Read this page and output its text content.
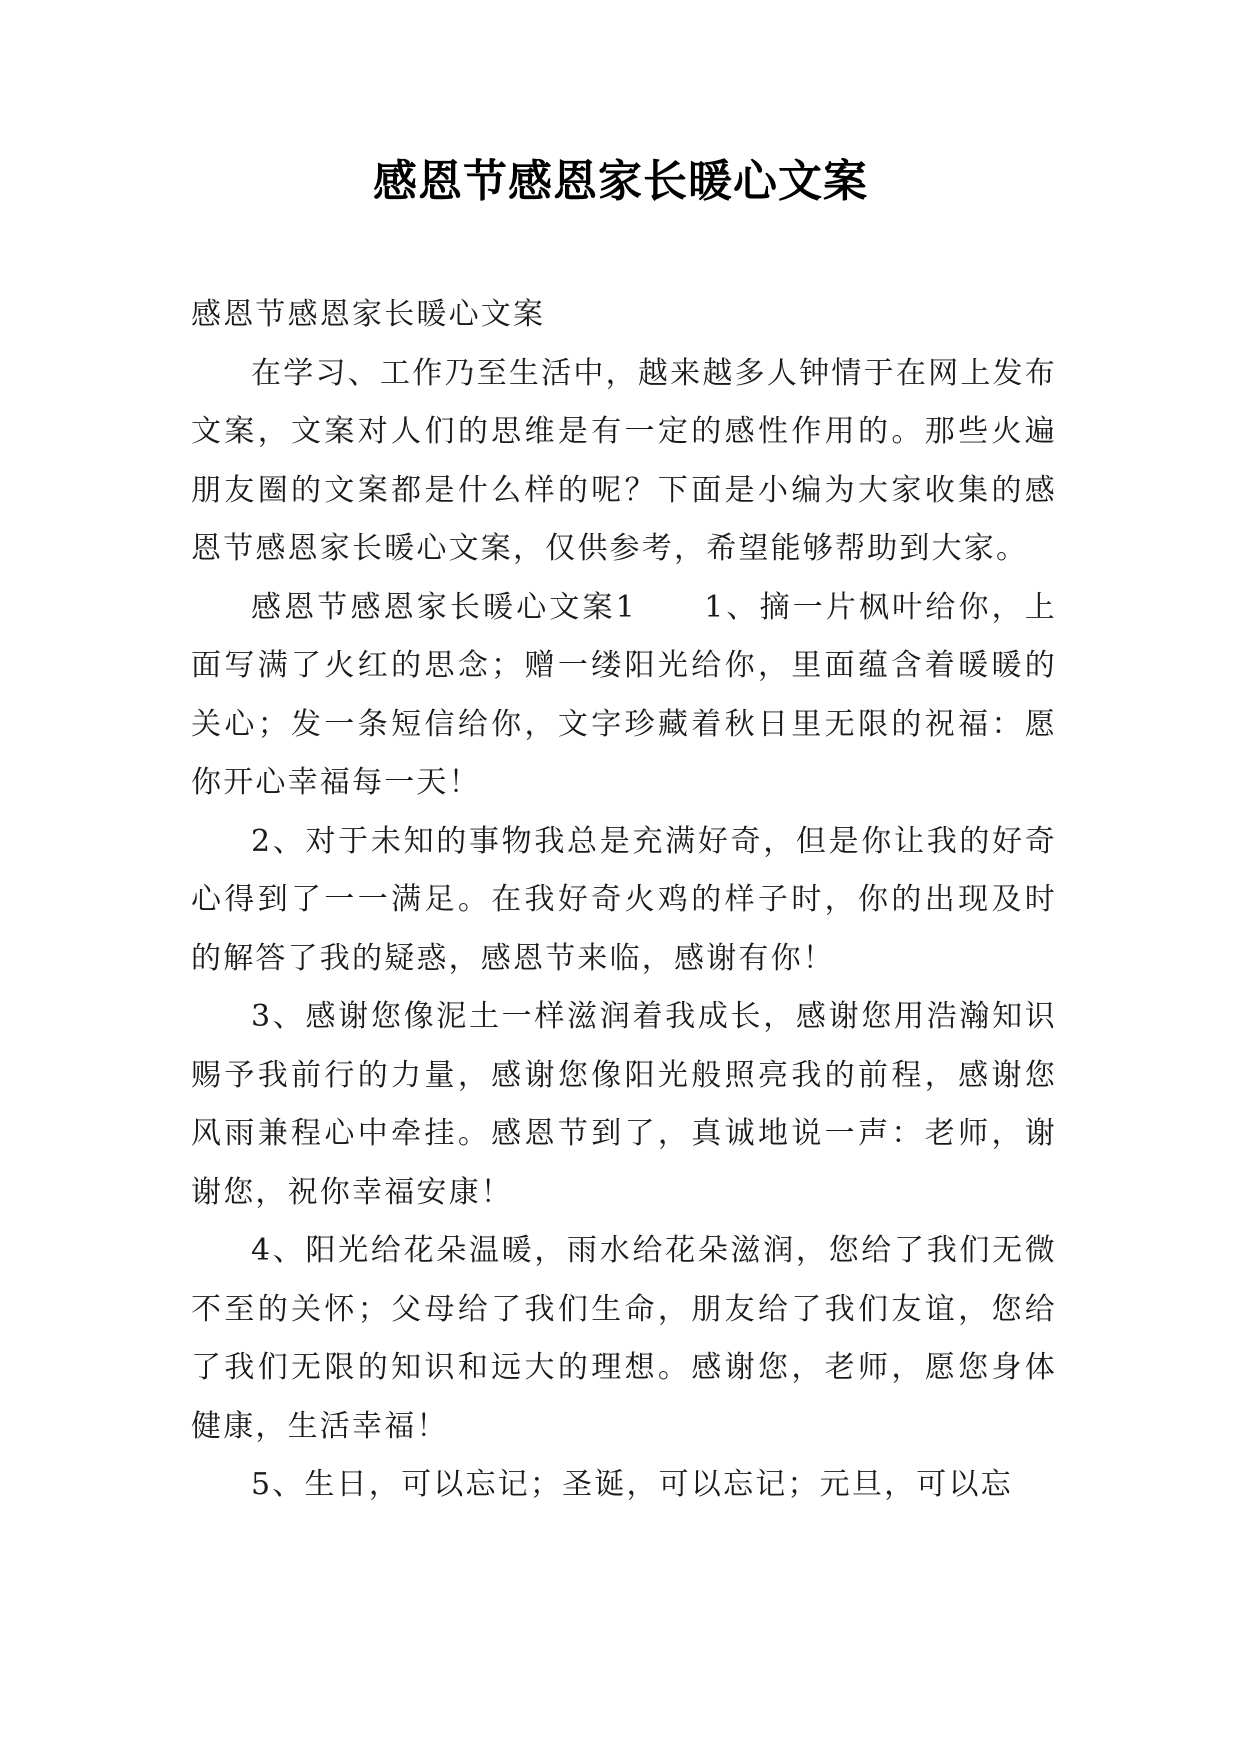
感恩节感恩家长暖心文案

感恩节感恩家长暖心文案

在学习、工作乃至生活中，越来越多人钟情于在网上发布文案，文案对人们的思维是有一定的感性作用的。那些火遍朋友圈的文案都是什么样的呢？下面是小编为大家收集的感恩节感恩家长暖心文案，仅供参考，希望能够帮助到大家。

感恩节感恩家长暖心文案1　　1、摘一片枫叶给你，上面写满了火红的思念；赠一缕阳光给你，里面蕴含着暖暖的关心；发一条短信给你，文字珍藏着秋日里无限的祝福：愿你开心幸福每一天！

2、对于未知的事物我总是充满好奇，但是你让我的好奇心得到了一一满足。在我好奇火鸡的样子时，你的出现及时的解答了我的疑惑，感恩节来临，感谢有你！

3、感谢您像泥土一样滋润着我成长，感谢您用浩瀚知识赐予我前行的力量，感谢您像阳光般照亮我的前程，感谢您风雨兼程心中牵挂。感恩节到了，真诚地说一声：老师，谢谢您，祝你幸福安康！

4、阳光给花朵温暖，雨水给花朵滋润，您给了我们无微不至的关怀；父母给了我们生命，朋友给了我们友谊，您给了我们无限的知识和远大的理想。感谢您，老师，愿您身体健康，生活幸福！

5、生日，可以忘记；圣诞，可以忘记；元旦，可以忘
